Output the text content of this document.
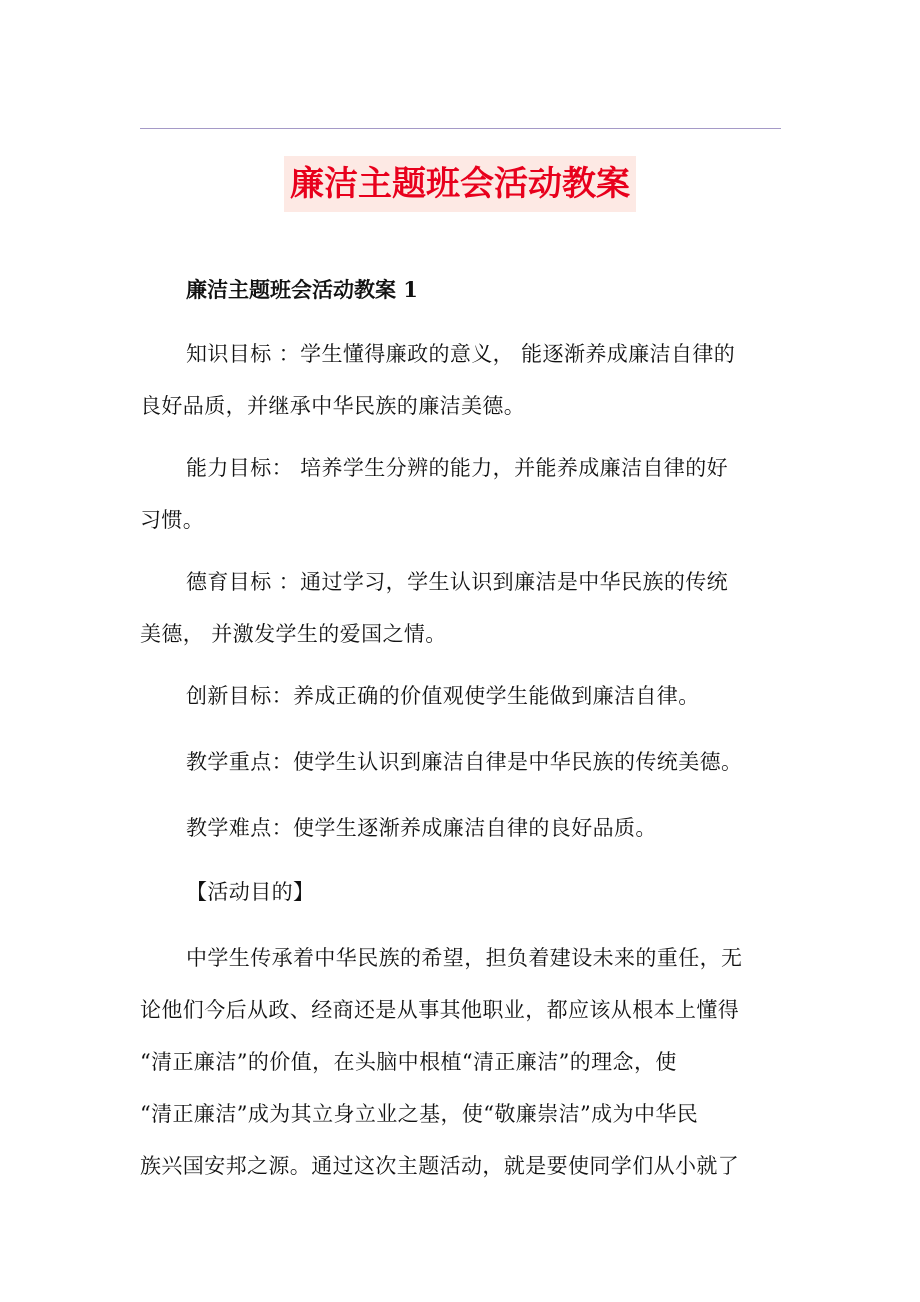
廉洁主题班会活动教案
廉洁主题班会活动教案 1

知识目标 ：学生懂得廉政的意义， 能逐渐养成廉洁自律的
良好品质，并继承中华民族的廉洁美德。

能力目标： 培养学生分辨的能力，并能养成廉洁自律的好
习惯。

德育目标 ：通过学习，学生认识到廉洁是中华民族的传统
美德， 并激发学生的爱国之情。

创新目标：养成正确的价值观使学生能做到廉洁自律。

教学重点：使学生认识到廉洁自律是中华民族的传统美德。

教学难点：使学生逐渐养成廉洁自律的良好品质。

【活动目的】

中学生传承着中华民族的希望，担负着建设未来的重任，无
论他们今后从政、经商还是从事其他职业，都应该从根本上懂得
“清正廉洁”的价值，在头脑中根植“清正廉洁”的理念，使
“清正廉洁”成为其立身立业之基，使“敬廉崇洁”成为中华民
族兴国安邦之源。通过这次主题活动，就是要使同学们从小就了
